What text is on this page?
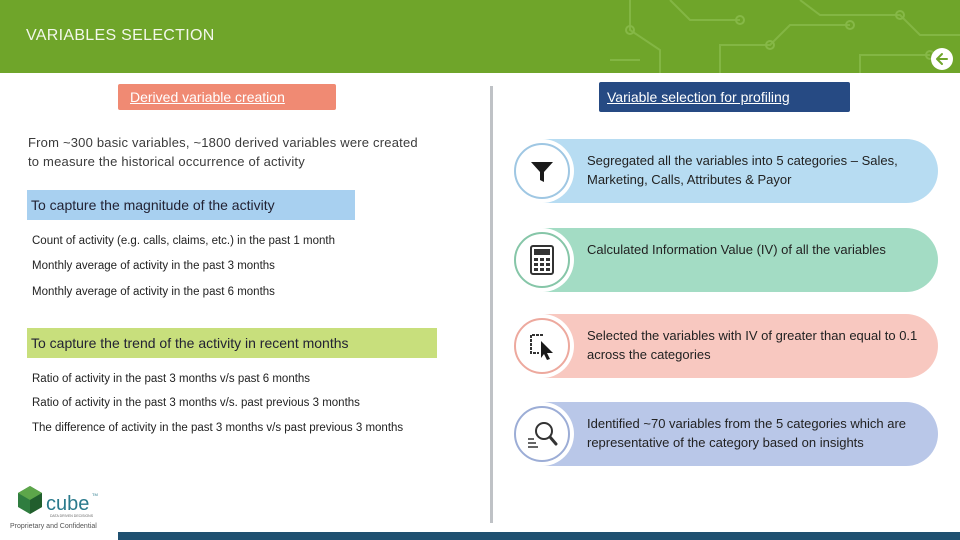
VARIABLES SELECTION
Derived variable creation
From ~300 basic variables, ~1800 derived variables were created to measure the historical occurrence of activity
To capture the magnitude of the activity
Count of activity (e.g. calls, claims, etc.) in the past 1 month
Monthly average of activity in the past 3 months
Monthly average of activity in the past 6 months
To capture the trend of the activity in recent months
Ratio of activity in the past 3 months v/s past 6 months
Ratio of activity in the past 3 months v/s. past previous 3 months
The difference of activity in the past 3 months v/s past previous 3 months
Variable selection for profiling
Segregated all the variables into 5 categories – Sales, Marketing, Calls, Attributes & Payor
Calculated Information Value (IV) of all the variables
Selected the variables with IV of greater than equal to 0.1 across the categories
Identified ~70 variables from the 5 categories which are representative of the category based on insights
cube TM
DATA DRIVEN DECISIONS
Proprietary and Confidential
